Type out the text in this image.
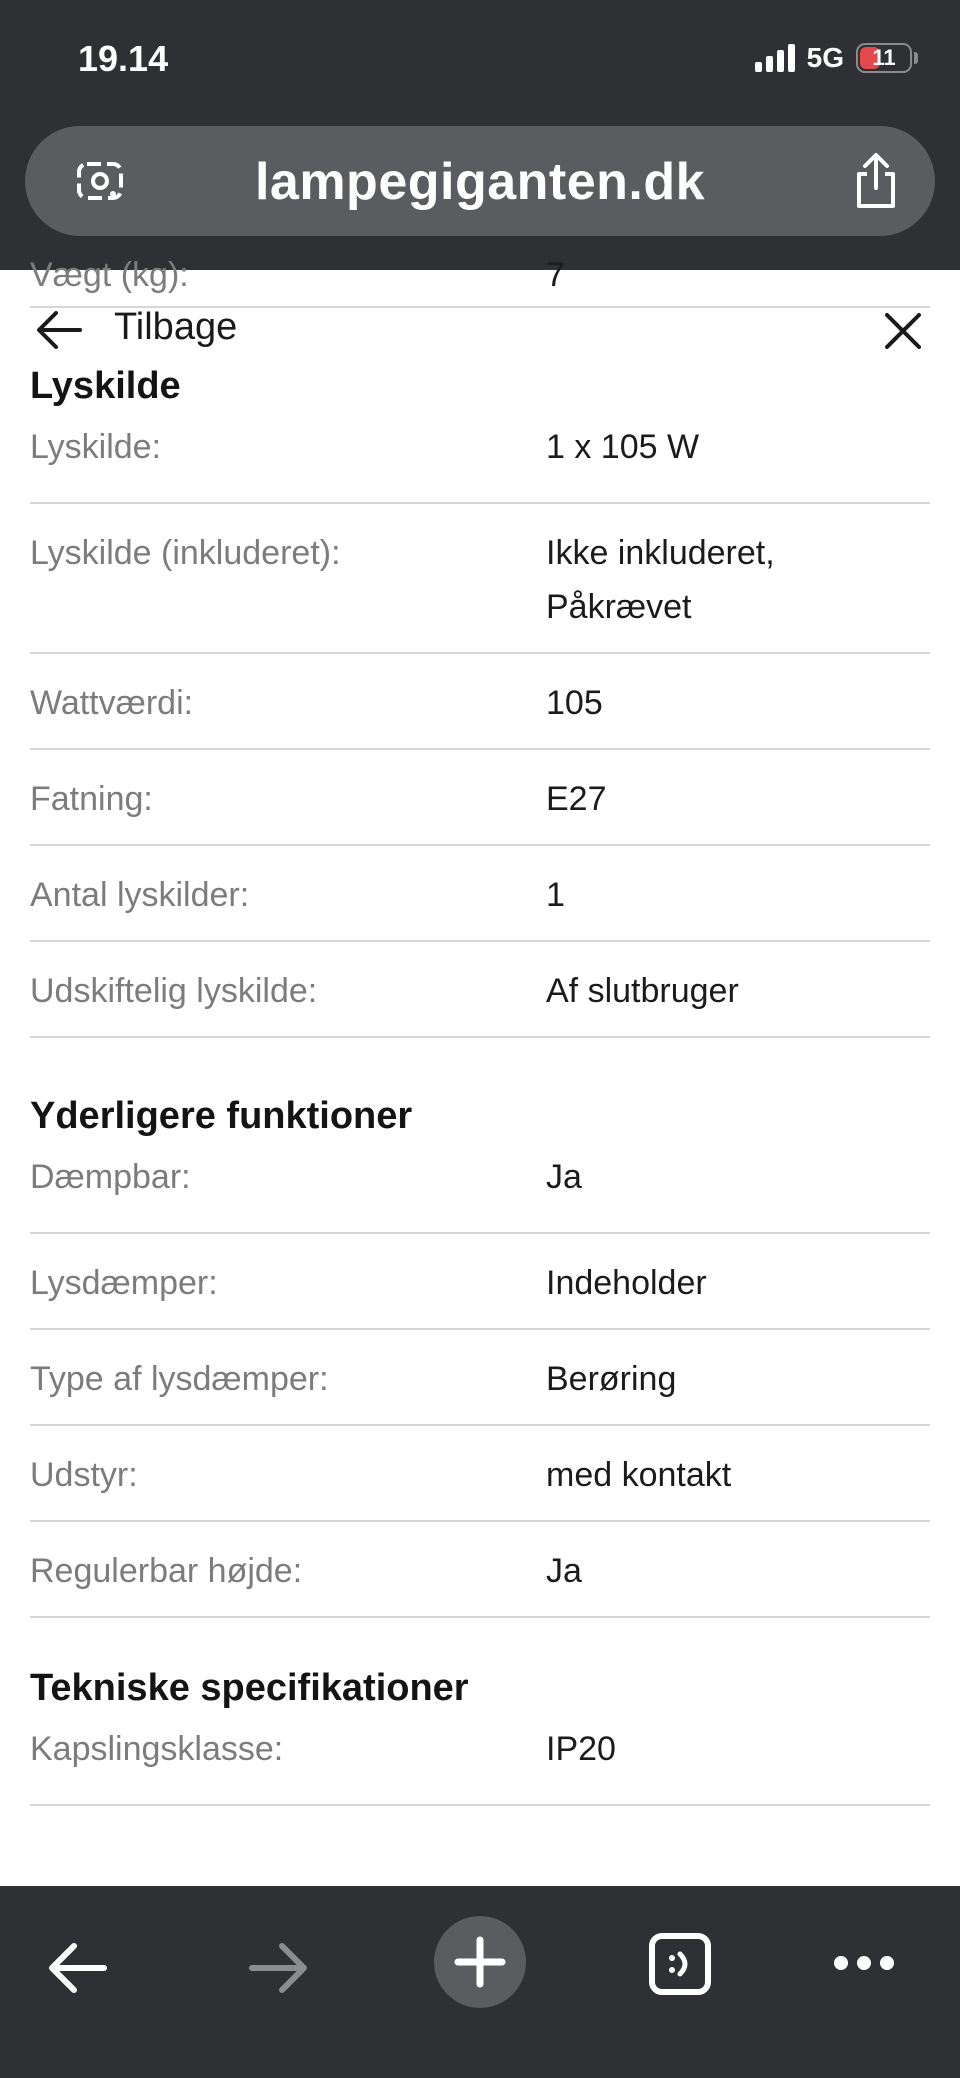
19.14	5G	11
lampegiganten.dk
Tilbage
Vægt (kg):	7
Lyskilde
Lyskilde:	1 x 105 W
Lyskilde (inkluderet):	Ikke inkluderet, Påkrævet
Wattværdi:	105
Fatning:	E27
Antal lyskilder:	1
Udskiftelig lyskilde:	Af slutbruger
Yderligere funktioner
Dæmpbar:	Ja
Lysdæmper:	Indeholder
Type af lysdæmper:	Berøring
Udstyr:	med kontakt
Regulerbar højde:	Ja
Tekniske specifikationer
Kapslingsklasse:	IP20
